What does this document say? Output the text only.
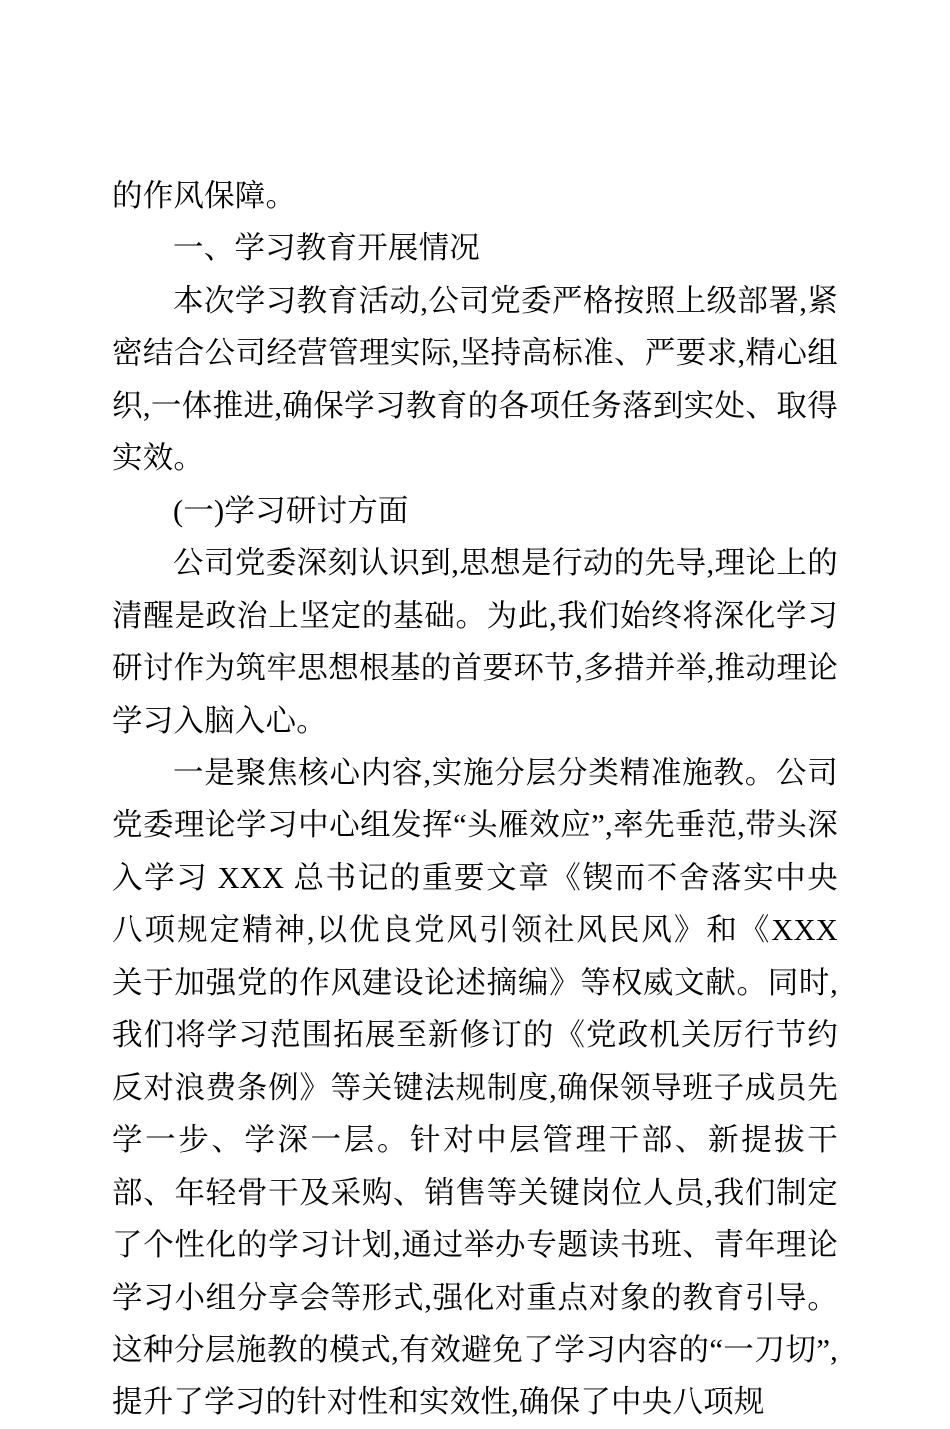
的作风保障。

一、学习教育开展情况

本次学习教育活动,公司党委严格按照上级部署,紧密结合公司经营管理实际,坚持高标准、严要求,精心组织,一体推进,确保学习教育的各项任务落到实处、取得实效。

(一)学习研讨方面

公司党委深刻认识到,思想是行动的先导,理论上的清醒是政治上坚定的基础。为此,我们始终将深化学习研讨作为筑牢思想根基的首要环节,多措并举,推动理论学习入脑入心。

一是聚焦核心内容,实施分层分类精准施教。公司党委理论学习中心组发挥“头雁效应”,率先垂范,带头深入学习 XXX 总书记的重要文章《锲而不舍落实中央八项规定精神,以优良党风引领社风民风》和《XXX 关于加强党的作风建设论述摘编》等权威文献。同时,我们将学习范围拓展至新修订的《党政机关厉行节约反对浪费条例》等关键法规制度,确保领导班子成员先学一步、学深一层。针对中层管理干部、新提拔干部、年轻骨干及采购、销售等关键岗位人员,我们制定了个性化的学习计划,通过举办专题读书班、青年理论学习小组分享会等形式,强化对重点对象的教育引导。这种分层施教的模式,有效避免了学习内容的“一刀切”,提升了学习的针对性和实效性,确保了中央八项规
